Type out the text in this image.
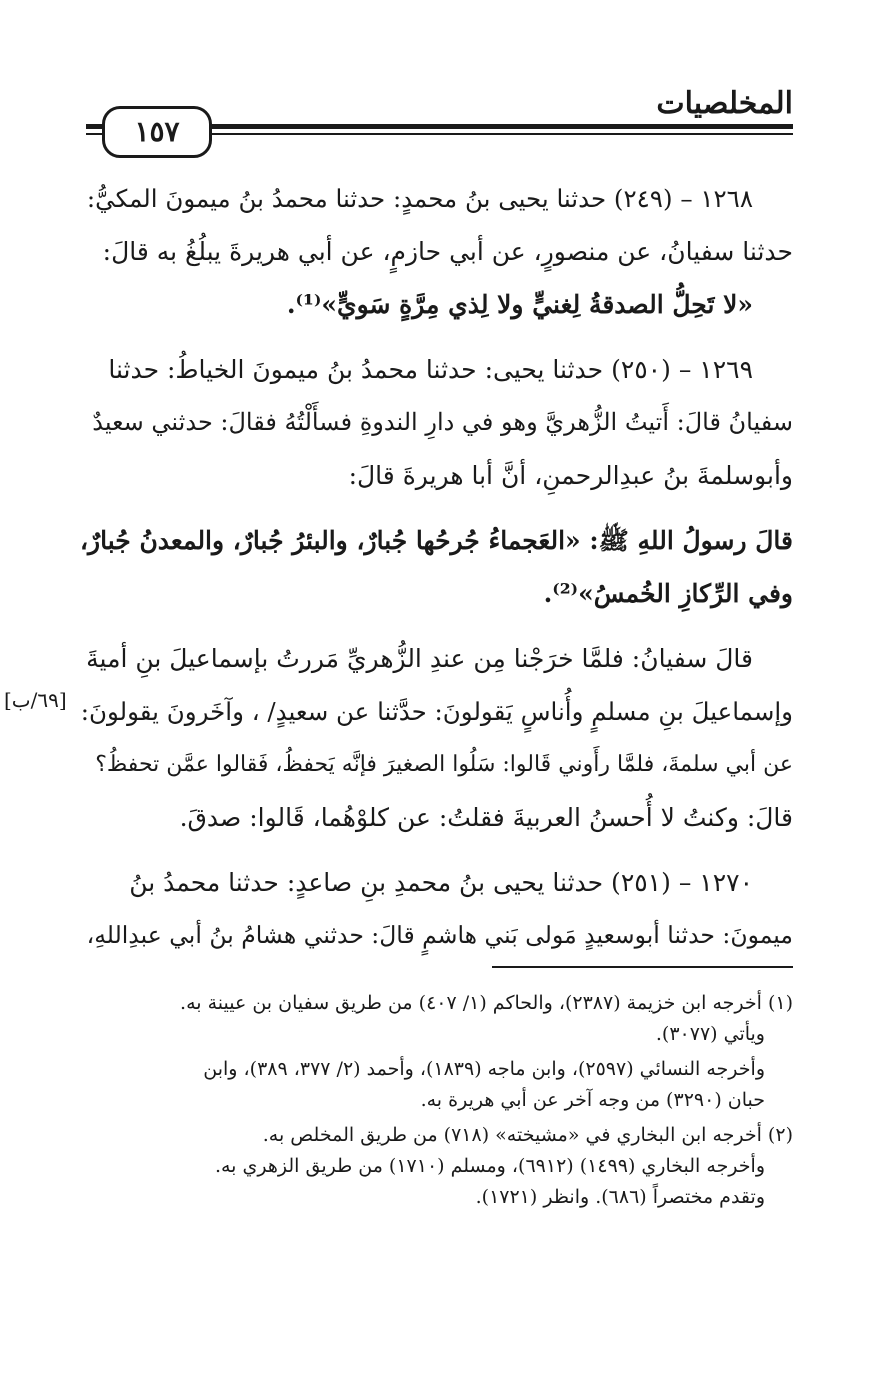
المخلصيات
١٥٧
[٦٩/ب]

١٢٦٨ – (٢٤٩) حدثنا يحيى بنُ محمدٍ: حدثنا محمدُ بنُ ميمونَ المكيُّ:
حدثنا سفيانُ، عن منصورٍ، عن أبي حازمٍ، عن أبي هريرةَ يبلُغُ به قالَ:
«لا تَحِلُّ الصدقةُ لِغنيٍّ ولا لِذي مِرَّةٍ سَويٍّ»⁽¹⁾.

١٢٦٩ – (٢٥٠) حدثنا يحيى: حدثنا محمدُ بنُ ميمونَ الخياطُ: حدثنا
سفيانُ قالَ: أَتيتُ الزُّهريَّ وهو في دارِ الندوةِ فسأَلْتُهُ فقالَ: حدثني سعيدٌ
وأبوسلمةَ بنُ عبدِالرحمنِ، أنَّ أبا هريرةَ قالَ:

قالَ رسولُ اللهِ ﷺ: «العَجماءُ جُرحُها جُبارٌ، والبئرُ جُبارٌ، والمعدنُ جُبارٌ،
وفي الرِّكازِ الخُمسُ»⁽²⁾.

قالَ سفيانُ: فلمَّا خرَجْنا مِن عندِ الزُّهريِّ مَررتُ بإسماعيلَ بنِ أميةَ
وإسماعيلَ بنِ مسلمٍ وأُناسٍ يَقولونَ: حدَّثنا عن سعيدٍ/ ، وآخَرونَ يقولونَ:
عن أبي سلمةَ، فلمَّا رأَوني قَالوا: سَلُوا الصغيرَ فإنَّه يَحفظُ، فَقالوا عمَّن تحفظُ؟
قالَ: وكنتُ لا أُحسنُ العربيةَ فقلتُ: عن كلوْهُما، قَالوا: صدقَ.

١٢٧٠ – (٢٥١) حدثنا يحيى بنُ محمدِ بنِ صاعدٍ: حدثنا محمدُ بنُ
ميمونَ: حدثنا أبوسعيدٍ مَولى بَني هاشمٍ قالَ: حدثني هشامُ بنُ أبي عبدِاللهِ،

(١) أخرجه ابن خزيمة (٢٣٨٧)، والحاكم (١/ ٤٠٧) من طريق سفيان بن عيينة به.
ويأتي (٣٠٧٧).

وأخرجه النسائي (٢٥٩٧)، وابن ماجه (١٨٣٩)، وأحمد (٢/ ٣٧٧، ٣٨٩)، وابن
حبان (٣٢٩٠) من وجه آخر عن أبي هريرة به.

(٢) أخرجه ابن البخاري في «مشيخته» (٧١٨) من طريق المخلص به.
وأخرجه البخاري (١٤٩٩) (٦٩١٢)، ومسلم (١٧١٠) من طريق الزهري به.
وتقدم مختصراً (٦٨٦). وانظر (١٧٢١).
